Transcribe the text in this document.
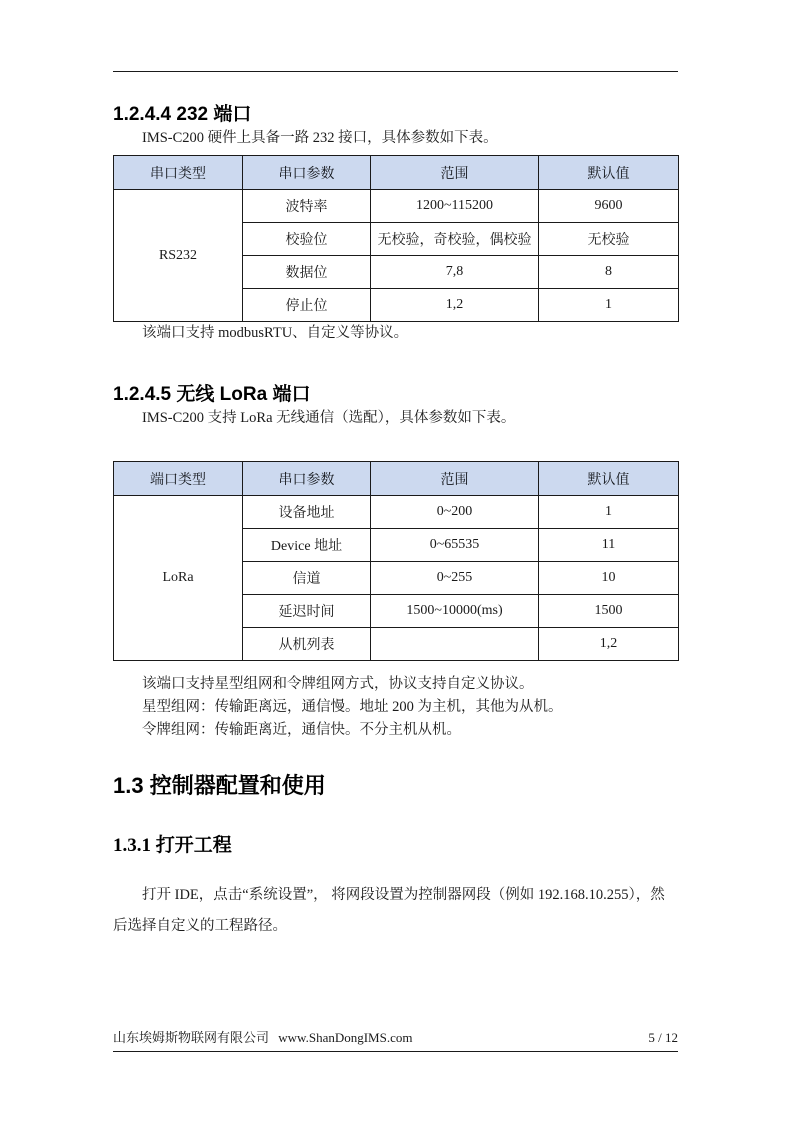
1.2.4.4 232 端口

IMS-C200 硬件上具备一路 232 接口，具体参数如下表。

串口类型	串口参数	范围	默认值
RS232	波特率	1200~115200	9600
	校验位	无校验，奇校验，偶校验	无校验
	数据位	7,8	8
	停止位	1,2	1

该端口支持 modbusRTU、自定义等协议。

1.2.4.5 无线 LoRa 端口

IMS-C200 支持 LoRa 无线通信（选配），具体参数如下表。

端口类型	串口参数	范围	默认值
LoRa	设备地址	0~200	1
	Device 地址	0~65535	11
	信道	0~255	10
	延迟时间	1500~10000(ms)	1500
	从机列表		1,2

该端口支持星型组网和令牌组网方式，协议支持自定义协议。

星型组网：传输距离远，通信慢。地址 200 为主机，其他为从机。

令牌组网：传输距离近，通信快。不分主机从机。

1.3 控制器配置和使用
1.3.1 打开工程

打开 IDE，点击“系统设置”， 将网段设置为控制器网段（例如 192.168.10.255），然

后选择自定义的工程路径。

山东埃姆斯物联网有限公司 www.ShanDongIMS.com	5 / 12
